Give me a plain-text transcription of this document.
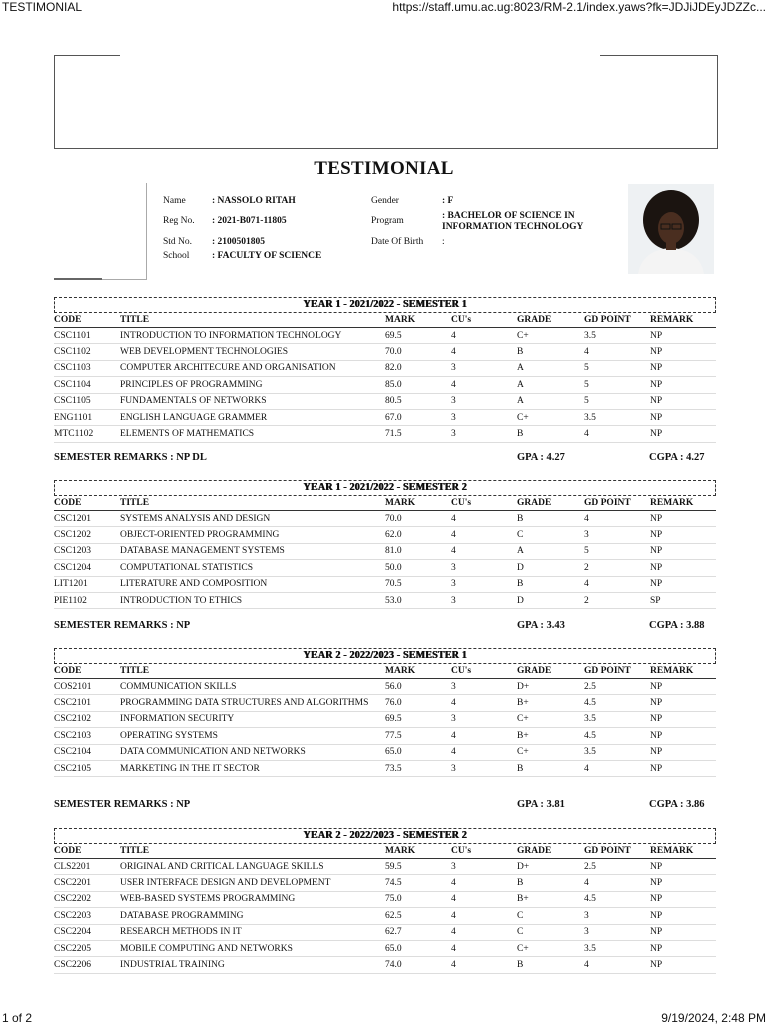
TESTIMONIAL	https://staff.umu.ac.ug:8023/RM-2.1/index.yaws?fk=JDJiJDEyJDZZc...
1 of 2	9/19/2024, 2:48 PM
TESTIMONIAL
Name	: NASSOLO RITAH
Reg No. : 2021-B071-11805
Std No. : 2100501805
School : FACULTY OF SCIENCE
Gender	: F
Program	: BACHELOR OF SCIENCE IN INFORMATION TECHNOLOGY
Date Of Birth :
YEAR 1 - 2021/2022 - SEMESTER 1
CODE	TITLE	MARK	CU's	GRADE	GD POINT	REMARK
CSC1101	INTRODUCTION TO INFORMATION TECHNOLOGY	69.5	4	C+	3.5	NP
CSC1102	WEB DEVELOPMENT TECHNOLOGIES	70.0	4	B	4	NP
CSC1103	COMPUTER ARCHITECURE AND ORGANISATION	82.0	3	A	5	NP
CSC1104	PRINCIPLES OF PROGRAMMING	85.0	4	A	5	NP
CSC1105	FUNDAMENTALS OF NETWORKS	80.5	3	A	5	NP
ENG1101	ENGLISH LANGUAGE GRAMMER	67.0	3	C+	3.5	NP
MTC1102	ELEMENTS OF MATHEMATICS	71.5	3	B	4	NP
SEMESTER REMARKS : NP DL	GPA : 4.27	CGPA : 4.27
YEAR 1 - 2021/2022 - SEMESTER 2
CODE	TITLE	MARK	CU's	GRADE	GD POINT	REMARK
CSC1201	SYSTEMS ANALYSIS AND DESIGN	70.0	4	B	4	NP
CSC1202	OBJECT-ORIENTED PROGRAMMING	62.0	4	C	3	NP
CSC1203	DATABASE MANAGEMENT SYSTEMS	81.0	4	A	5	NP
CSC1204	COMPUTATIONAL STATISTICS	50.0	3	D	2	NP
LIT1201	LITERATURE AND COMPOSITION	70.5	3	B	4	NP
PIE1102	INTRODUCTION TO ETHICS	53.0	3	D	2	SP
SEMESTER REMARKS : NP	GPA : 3.43	CGPA : 3.88
YEAR 2 - 2022/2023 - SEMESTER 1
CODE	TITLE	MARK	CU's	GRADE	GD POINT	REMARK
COS2101	COMMUNICATION SKILLS	56.0	3	D+	2.5	NP
CSC2101	PROGRAMMING DATA STRUCTURES AND ALGORITHMS	76.0	4	B+	4.5	NP
CSC2102	INFORMATION SECURITY	69.5	3	C+	3.5	NP
CSC2103	OPERATING SYSTEMS	77.5	4	B+	4.5	NP
CSC2104	DATA COMMUNICATION AND NETWORKS	65.0	4	C+	3.5	NP
CSC2105	MARKETING IN THE IT SECTOR	73.5	3	B	4	NP
SEMESTER REMARKS : NP	GPA : 3.81	CGPA : 3.86
YEAR 2 - 2022/2023 - SEMESTER 2
CODE	TITLE	MARK	CU's	GRADE	GD POINT	REMARK
CLS2201	ORIGINAL AND CRITICAL LANGUAGE SKILLS	59.5	3	D+	2.5	NP
CSC2201	USER INTERFACE DESIGN AND DEVELOPMENT	74.5	4	B	4	NP
CSC2202	WEB-BASED SYSTEMS PROGRAMMING	75.0	4	B+	4.5	NP
CSC2203	DATABASE PROGRAMMING	62.5	4	C	3	NP
CSC2204	RESEARCH METHODS IN IT	62.7	4	C	3	NP
CSC2205	MOBILE COMPUTING AND NETWORKS	65.0	4	C+	3.5	NP
CSC2206	INDUSTRIAL TRAINING	74.0	4	B	4	NP
